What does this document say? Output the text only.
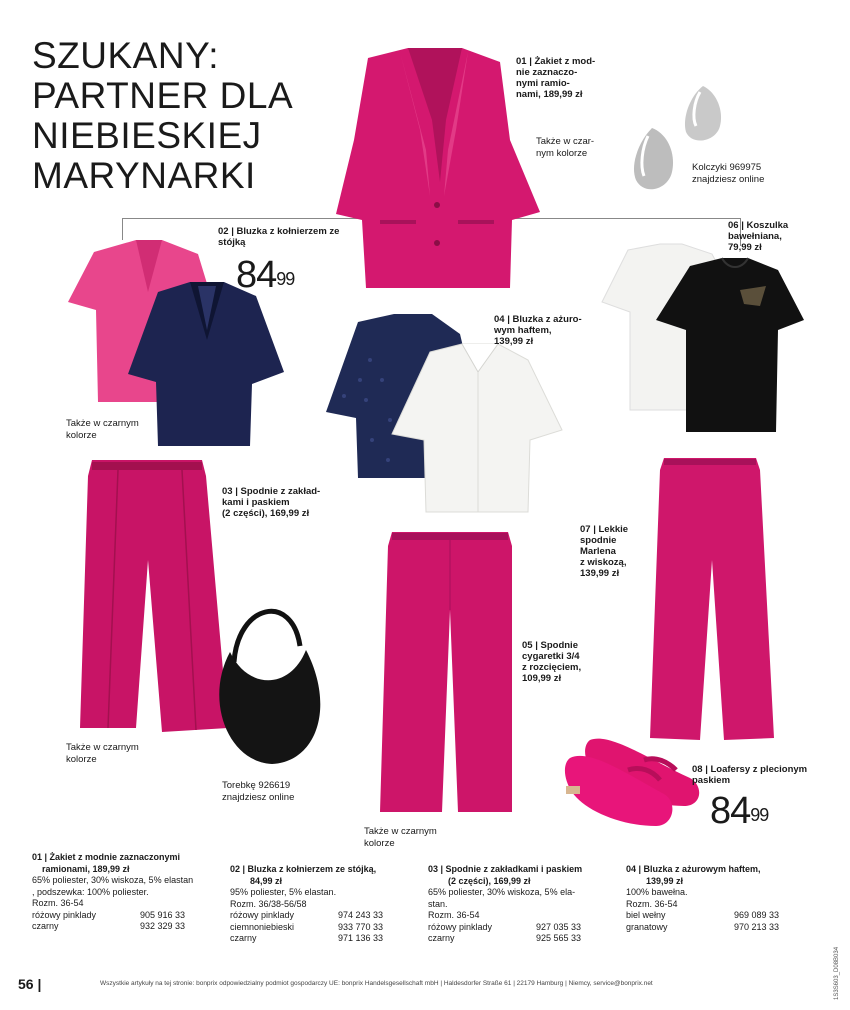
SZUKANY:
PARTNER DLA
NIEBIESKIEJ
MARYNARKI
01 | Żakiet z mod-
nie zaznaczo-
nymi ramio-
nami, 189,99 zł
Także w czar-
nym kolorze
Kolczyki 969975
znajdziesz online
02 | Bluzka z kołnierzem ze
stójką
$84^{99}$
Także w czarnym
kolorze
04 | Bluzka z ażuro-
wym haftem,
139,99 zł
06 | Koszulka
bawełniana,
79,99 zł
03 | Spodnie z zakład-
kami i paskiem
(2 części), 169,99 zł
Także w czarnym
kolorze
Torebkę 926619
znajdziesz online
07 | Lekkie
spodnie
Marlena
z wiskozą,
139,99 zł
05 | Spodnie
cygaretki 3/4
z rozcięciem,
109,99 zł
Także w czarnym
kolorze
08 | Loafersy z plecionym
paskiem
$84^{99}$
01 | Żakiet z modnie zaznaczonymi
ramionami, 189,99 zł
65% poliester, 30% wiskoza, 5% elastan
, podszewka: 100% poliester.
Rozm. 36-54
różowy pinklady	905 916 33
czarny	932 329 33
02 | Bluzka z kołnierzem ze stójką,
84,99 zł
95% poliester, 5% elastan.
Rozm. 36/38-56/58
różowy pinklady	974 243 33
ciemnoniebieski	933 770 33
czarny	971 136 33
03 | Spodnie z zakładkami i paskiem
(2 części), 169,99 zł
65% poliester, 30% wiskoza, 5% ela-
stan.
Rozm. 36-54
różowy pinklady	927 035 33
czarny	925 565 33
04 | Bluzka z ażurowym haftem,
139,99 zł
100% bawełna.
Rozm. 36-54
biel wełny	969 089 33
granatowy	970 213 33
56 |	Wszystkie artykuły na tej stronie: bonprix odpowiedzialny podmiot gospodarczy UE: bonprix Handelsgesellschaft mbH | Haldesdorfer Straße 61 | 22179 Hamburg | Niemcy, service@bonprix.net	1S3S603_D08B034
